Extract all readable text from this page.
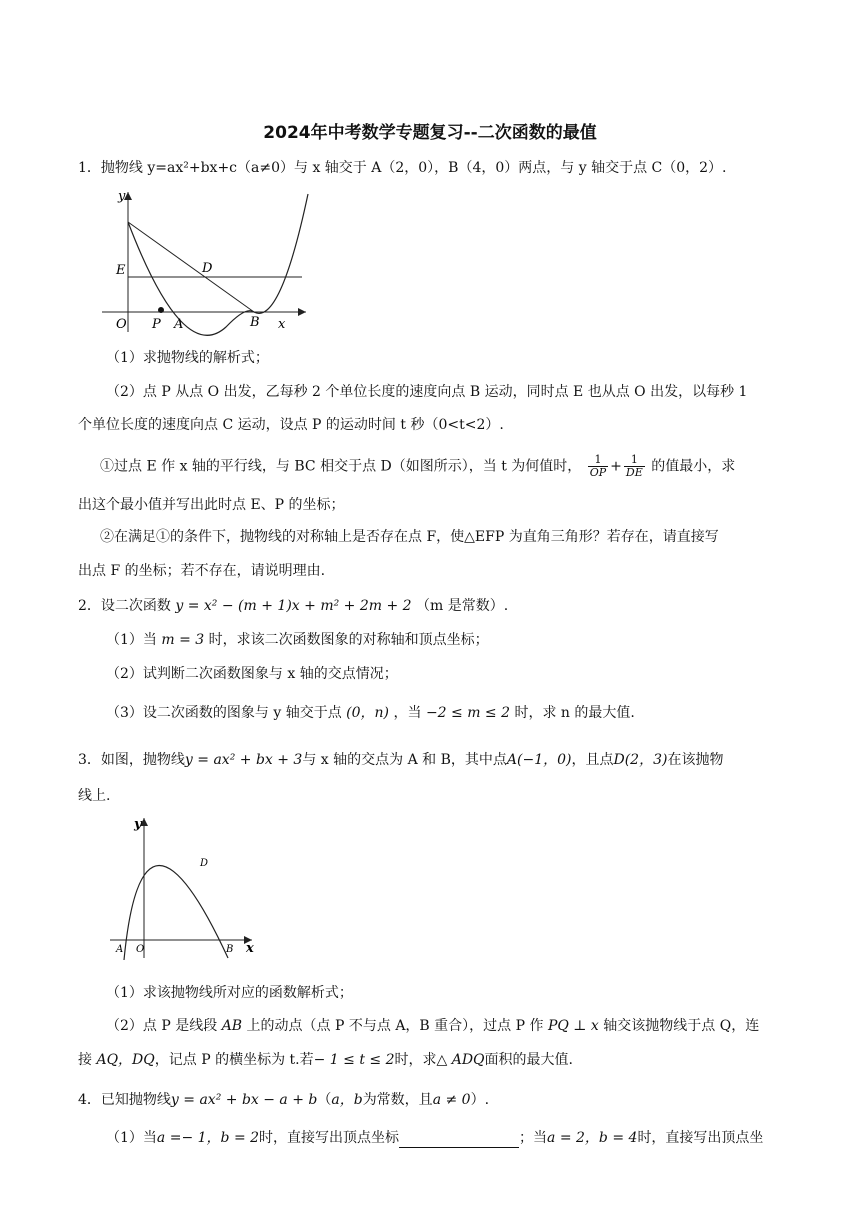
2024年中考数学专题复习--二次函数的最值
1．抛物线 y=ax²+bx+c（a≠0）与 x 轴交于 A（2，0），B（4，0）两点，与 y 轴交于点 C（0，2）.
y
x
O P A	B
E	D
（1）求抛物线的解析式；
（2）点 P 从点 O 出发，乙每秒 2 个单位长度的速度向点 B 运动，同时点 E 也从点 O 出发，以每秒 1
个单位长度的速度向点 C 运动，设点 P 的运动时间 t 秒（0<t<2）.
①过点 E 作 x 轴的平行线，与 BC 相交于点 D（如图所示），当 t 为何值时， $\frac{1}{OP} + \frac{1}{DE}$ 的值最小，求
出这个最小值并写出此时点 E、P 的坐标；
②在满足①的条件下，抛物线的对称轴上是否存在点 F，使△EFP 为直角三角形？若存在，请直接写
出点 F 的坐标；若不存在，请说明理由.
2．设二次函数 y = x² − (m + 1)x + m² + 2m + 2 （m 是常数）.
（1）当 m = 3 时，求该二次函数图象的对称轴和顶点坐标；
（2）试判断二次函数图象与 x 轴的交点情况；
（3）设二次函数的图象与 y 轴交于点 (0，n) ，当 −2 ≤ m ≤ 2 时，求 n 的最大值.
3．如图，抛物线y = ax² + bx + 3与 x 轴的交点为 A 和 B，其中点A(−1，0)，且点D(2，3)在该抛物
线上.
y
x
O
A	B
D
（1）求该抛物线所对应的函数解析式；
（2）点 P 是线段 AB 上的动点（点 P 不与点 A，B 重合），过点 P 作 PQ ⊥ x 轴交该抛物线于点 Q，连
接 AQ，DQ，记点 P 的横坐标为 t.若− 1 ≤ t ≤ 2时，求△ ADQ面积的最大值.
4．已知抛物线y = ax² + bx − a + b（a，b为常数，且a ≠ 0）.
（1）当a =− 1，b = 2时，直接写出顶点坐标	；当a = 2，b = 4时，直接写出顶点坐
